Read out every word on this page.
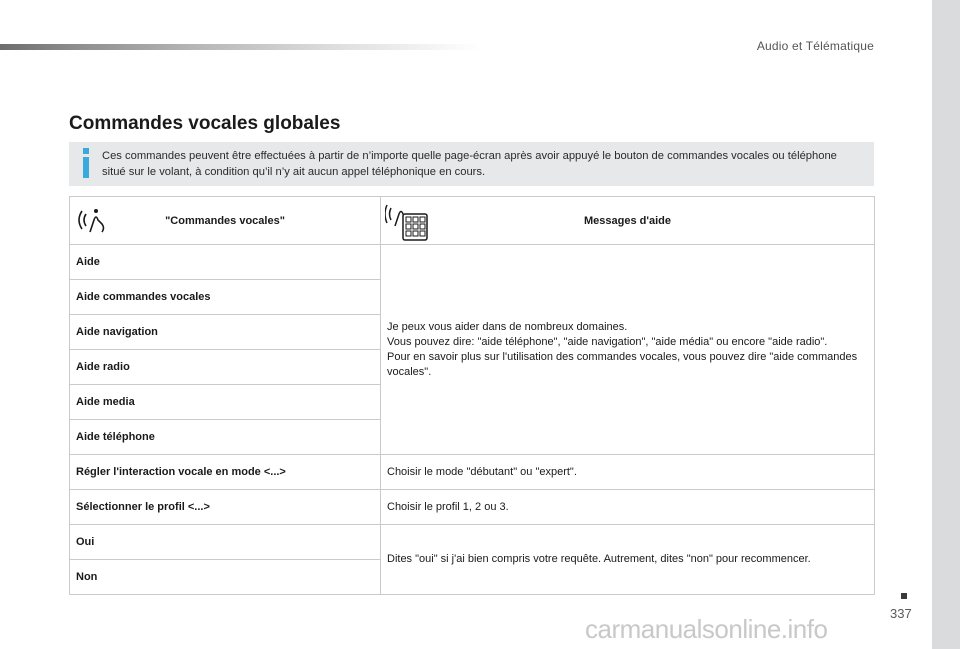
Audio et Télématique
Commandes vocales globales
Ces commandes peuvent être effectuées à partir de n’importe quelle page-écran après avoir appuyé le bouton de commandes vocales ou téléphone situé sur le volant, à condition qu’il n’y ait aucun appel téléphonique en cours.
"Commandes vocales"	Messages d'aide
Aide	Je peux vous aider dans de nombreux domaines.
Vous pouvez dire: "aide téléphone", "aide navigation", "aide média" ou encore "aide radio".
Pour en savoir plus sur l'utilisation des commandes vocales, vous pouvez dire "aide commandes vocales".

Aide commandes vocales	
Aide navigation	
Aide radio	
Aide media	
Aide téléphone	
Régler l'interaction vocale en mode <...>	Choisir le mode "débutant" ou "expert".
Sélectionner le profil <...>	Choisir le profil 1, 2 ou 3.
Oui	Dites "oui" si j'ai bien compris votre requête. Autrement, dites "non" pour recommencer.
Non	
337
carmanualsonline.info
